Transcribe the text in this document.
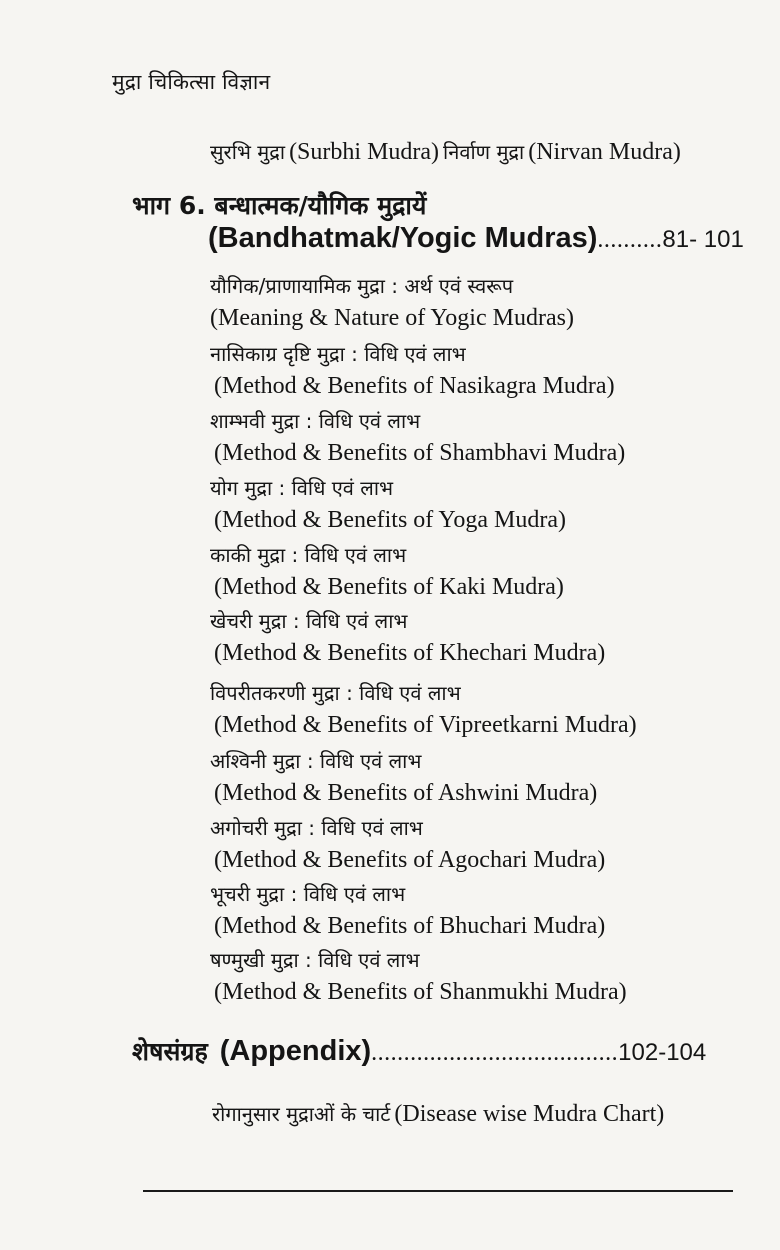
मुद्रा चिकित्सा विज्ञान
सुरभि मुद्रा (Surbhi Mudra) निर्वाण मुद्रा (Nirvan Mudra)
भाग 6. बन्धात्मक/यौगिक मुद्रायें
(Bandhatmak/Yogic Mudras)..........81- 101
यौगिक/प्राणायामिक मुद्रा : अर्थ एवं स्वरूप
(Meaning & Nature of Yogic Mudras)
नासिकाग्र दृष्टि मुद्रा : विधि एवं लाभ
(Method & Benefits of Nasikagra Mudra)
शाम्भवी मुद्रा : विधि एवं लाभ
(Method & Benefits of Shambhavi Mudra)
योग मुद्रा : विधि एवं लाभ
(Method & Benefits of Yoga Mudra)
काकी मुद्रा : विधि एवं लाभ
(Method & Benefits of Kaki Mudra)
खेचरी मुद्रा : विधि एवं लाभ
(Method & Benefits of Khechari Mudra)
विपरीतकरणी मुद्रा : विधि एवं लाभ
(Method & Benefits of Vipreetkarni Mudra)
अश्विनी मुद्रा : विधि एवं लाभ
(Method & Benefits of Ashwini Mudra)
अगोचरी मुद्रा : विधि एवं लाभ
(Method & Benefits of Agochari Mudra)
भूचरी मुद्रा : विधि एवं लाभ
(Method & Benefits of Bhuchari Mudra)
षण्मुखी मुद्रा : विधि एवं लाभ
(Method & Benefits of Shanmukhi Mudra)
शेषसंग्रह (Appendix)......................................102-104
रोगानुसार मुद्राओं के चार्ट (Disease wise Mudra Chart)
